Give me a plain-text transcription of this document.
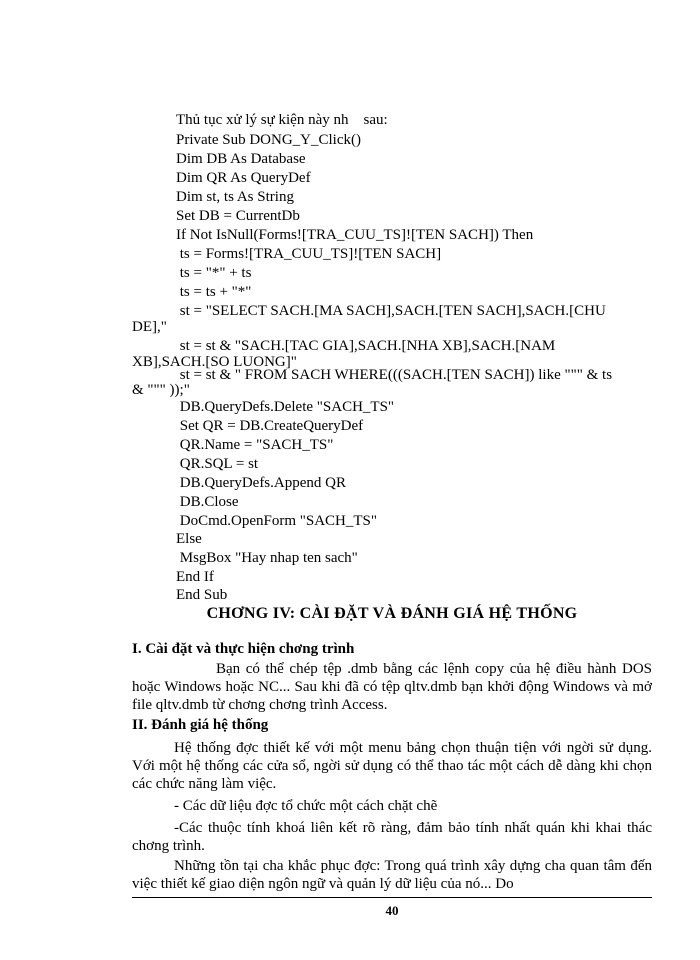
Thủ tục xử lý sự kiện này nh    sau:
Private Sub DONG_Y_Click()
Dim DB As Database
Dim QR As QueryDef
Dim st, ts As String
Set DB = CurrentDb
If Not IsNull(Forms![TRA_CUU_TS]![TEN SACH]) Then
ts = Forms![TRA_CUU_TS]![TEN SACH]
ts = "*" + ts
ts = ts + "*"
st = "SELECT SACH.[MA SACH],SACH.[TEN SACH],SACH.[CHU
DE],"
st = st & "SACH.[TAC GIA],SACH.[NHA XB],SACH.[NAM
XB],SACH.[SO LUONG]"
st = st & " FROM SACH WHERE(((SACH.[TEN SACH]) like """ & ts
& """ ));"
DB.QueryDefs.Delete "SACH_TS"
Set QR = DB.CreateQueryDef
QR.Name = "SACH_TS"
QR.SQL = st
DB.QueryDefs.Append QR
DB.Close
DoCmd.OpenForm "SACH_TS"
Else
MsgBox "Hay nhap ten sach"
End If
End Sub
CHƠNG IV: CÀI ĐẶT VÀ ĐÁNH GIÁ HỆ THỐNG
I. Cài đặt và thực hiện chơng trình
Bạn có thể chép tệp .dmb bằng các lệnh copy của hệ điều hành DOS hoặc Windows hoặc NC... Sau khi đã có tệp qltv.dmb bạn khởi động Windows và mở file qltv.dmb từ chơng chơng trình Access.
II. Đánh giá hệ thống
Hệ thống đợc thiết kế với một menu bảng chọn thuận tiện với ngời sử dụng. Với một hệ thống các cửa sổ, ngời sử dụng có thể thao tác một cách dễ dàng khi chọn các chức năng làm việc.
- Các dữ liệu đợc tổ chức một cách chặt chẽ
-Các thuộc tính khoá liên kết rõ ràng, đảm bảo tính nhất quán khi khai thác chơng trình.
Những tồn tại cha khắc phục đợc: Trong quá trình xây dựng cha quan tâm đến việc thiết kế giao diện ngôn ngữ và quản lý dữ liệu của nó... Do
40
